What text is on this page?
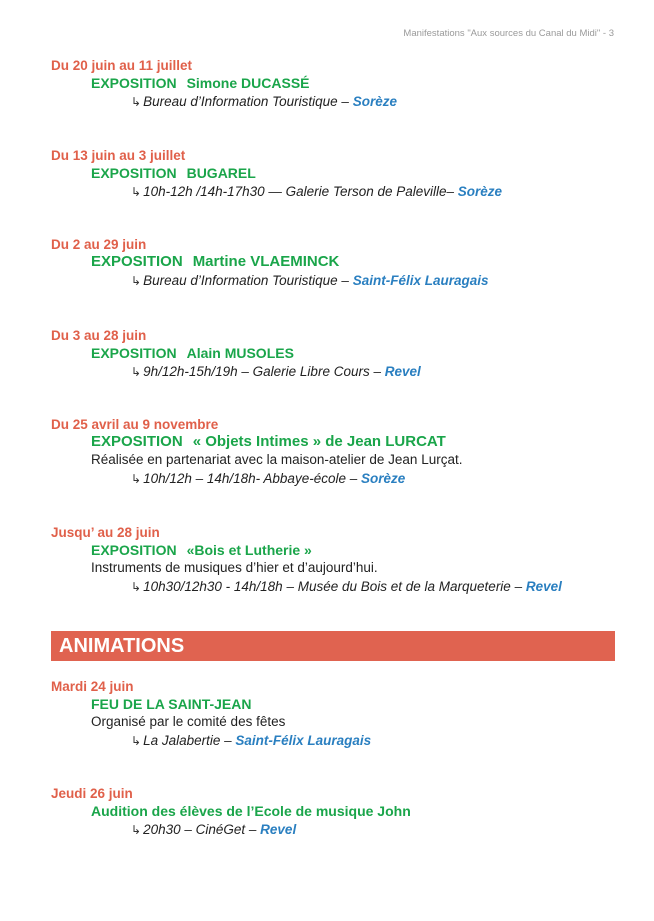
Manifestations "Aux sources du Canal du Midi" - 3
Du 20 juin au 11 juillet
EXPOSITION Simone DUCASSÉ
↳ Bureau d’Information Touristique – Sorèze
Du 13 juin au 3 juillet
EXPOSITION BUGAREL
↳ 10h-12h /14h-17h30 — Galerie Terson de Paleville– Sorèze
Du 2 au 29 juin
EXPOSITION Martine VLAEMINCK
↳ Bureau d’Information Touristique – Saint-Félix Lauragais
Du 3 au 28 juin
EXPOSITION Alain MUSOLES
↳ 9h/12h-15h/19h – Galerie Libre Cours – Revel
Du 25 avril au 9 novembre
EXPOSITION « Objets Intimes » de Jean LURCAT
Réalisée en partenariat avec la maison-atelier de Jean Lurçat.
↳ 10h/12h – 14h/18h- Abbaye-école – Sorèze
Jusqu’ au 28 juin
EXPOSITION «Bois et Lutherie »
Instruments de musiques d’hier et d’aujourd’hui.
↳ 10h30/12h30 - 14h/18h – Musée du Bois et de la Marqueterie – Revel
ANIMATIONS
Mardi 24 juin
FEU DE LA SAINT-JEAN
Organisé par le comité des fêtes
↳ La Jalabertie – Saint-Félix Lauragais
Jeudi 26 juin
Audition des élèves de l’Ecole de musique John
↳ 20h30 – CinéGet – Revel
